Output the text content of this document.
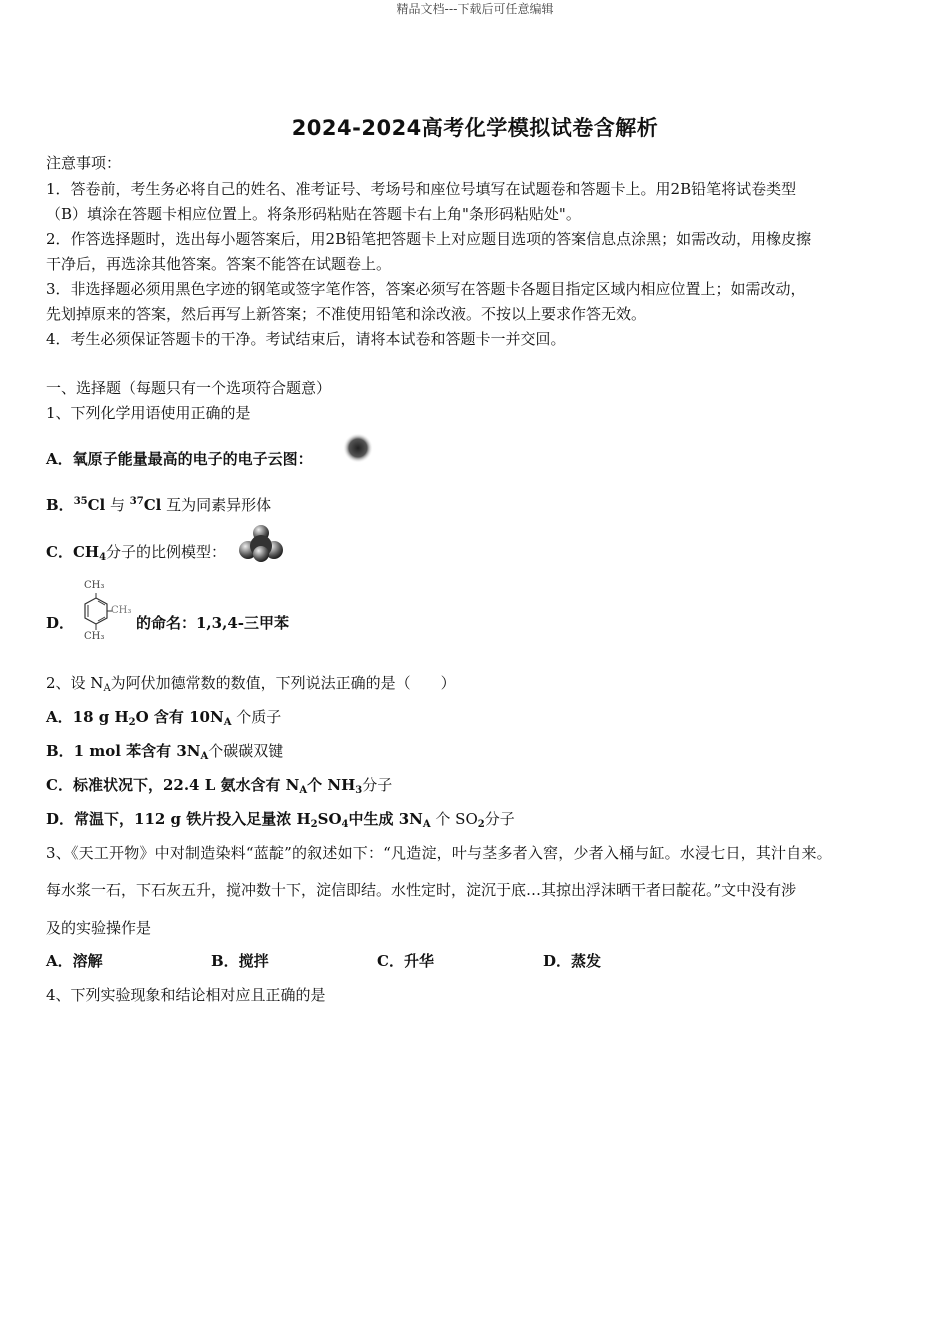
精品文档---下载后可任意编辑
2024-2024高考化学模拟试卷含解析
注意事项：
1．答卷前，考生务必将自己的姓名、准考证号、考场号和座位号填写在试题卷和答题卡上。用2B铅笔将试卷类型
（B）填涂在答题卡相应位置上。将条形码粘贴在答题卡右上角"条形码粘贴处"。
2．作答选择题时，选出每小题答案后，用2B铅笔把答题卡上对应题目选项的答案信息点涂黑；如需改动，用橡皮擦
干净后，再选涂其他答案。答案不能答在试题卷上。
3．非选择题必须用黑色字迹的钢笔或签字笔作答，答案必须写在答题卡各题目指定区域内相应位置上；如需改动，
先划掉原来的答案，然后再写上新答案；不准使用铅笔和涂改液。不按以上要求作答无效。
4．考生必须保证答题卡的干净。考试结束后，请将本试卷和答题卡一并交回。
一、选择题（每题只有一个选项符合题意）
1、下列化学用语使用正确的是
A．氧原子能量最高的电子的电子云图：
B．$^{35}$Cl 与 $^{37}$Cl 互为同素异形体
C．$CH_4$分子的比例模型：
D．
CH₃
CH₃
CH₃
的命名：1,3,4-三甲苯
2、设 $N_A$为阿伏加德常数的数值，下列说法正确的是（　　）
A．18 g $H_2O$ 含有 $10N_A$ 个质子
B．1 mol 苯含有 $3N_A$个碳碳双键
C．标准状况下，22.4 L 氨水含有 $N_A$个 $NH_3$分子
D．常温下，112 g 铁片投入足量浓 $H_2SO_4$中生成 $3N_A$ 个 $SO_2$分子
3、《天工开物》中对制造染料“蓝靛”的叙述如下：“凡造淀，叶与茎多者入窖，少者入桶与缸。水浸七日，其汁自来。
每水浆一石，下石灰五升，搅冲数十下，淀信即结。水性定时，淀沉于底…其掠出浮沫晒干者曰靛花。”文中没有涉
及的实验操作是
A．溶解	B．搅拌	C．升华	D．蒸发
4、下列实验现象和结论相对应且正确的是
